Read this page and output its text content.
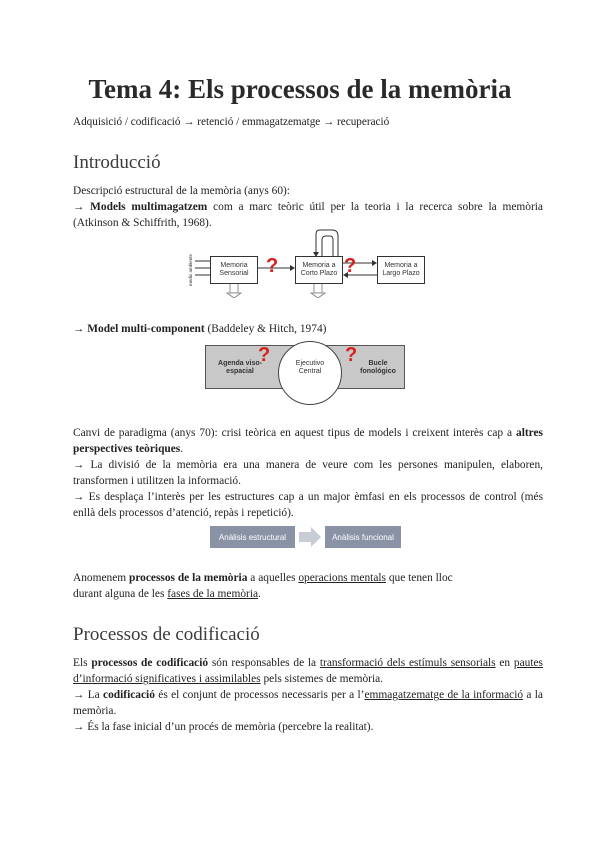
Tema 4: Els processos de la memòria
Adquisició / codificació → retenció / emmagatzematge → recuperació
Introducció

Descripció estructural de la memòria (anys 60):

→ Models multimagatzem com a marc teòric útil per la teoria i la recerca sobre la memòria (Atkinson & Schiffrith, 1968).

medio ambiente	Memoria Sensorial
Memoria a Corto Plazo
Memoria a Largo Plazo
?	?

→ Model multi-component (Baddeley & Hitch, 1974)

Agenda viso-espacial
Ejecutivo Central
Bucle fonológico
?	?

Canvi de paradigma (anys 70): crisi teòrica en aquest tipus de models i creixent interès cap a altres perspectives teòriques.

→ La divisió de la memòria era una manera de veure com les persones manipulen, elaboren, transformen i utilitzen la informació.

→ Es desplaça l’interès per les estructures cap a un major èmfasi en els processos de control (més enllà dels processos d’atenció, repàs i repetició).

Anàlisis estructural	Anàlisis funcional

Anomenem processos de la memòria a aquelles operacions mentals que tenen lloc durant alguna de les fases de la memòria.

Processos de codificació

Els processos de codificació són responsables de la transformació dels estímuls sensorials en pautes d’informació significatives i assimilables pels sistemes de memòria.

→ La codificació és el conjunt de processos necessaris per a l’emmagatzematge de la informació a la memòria.

→ És la fase inicial d’un procés de memòria (percebre la realitat).
